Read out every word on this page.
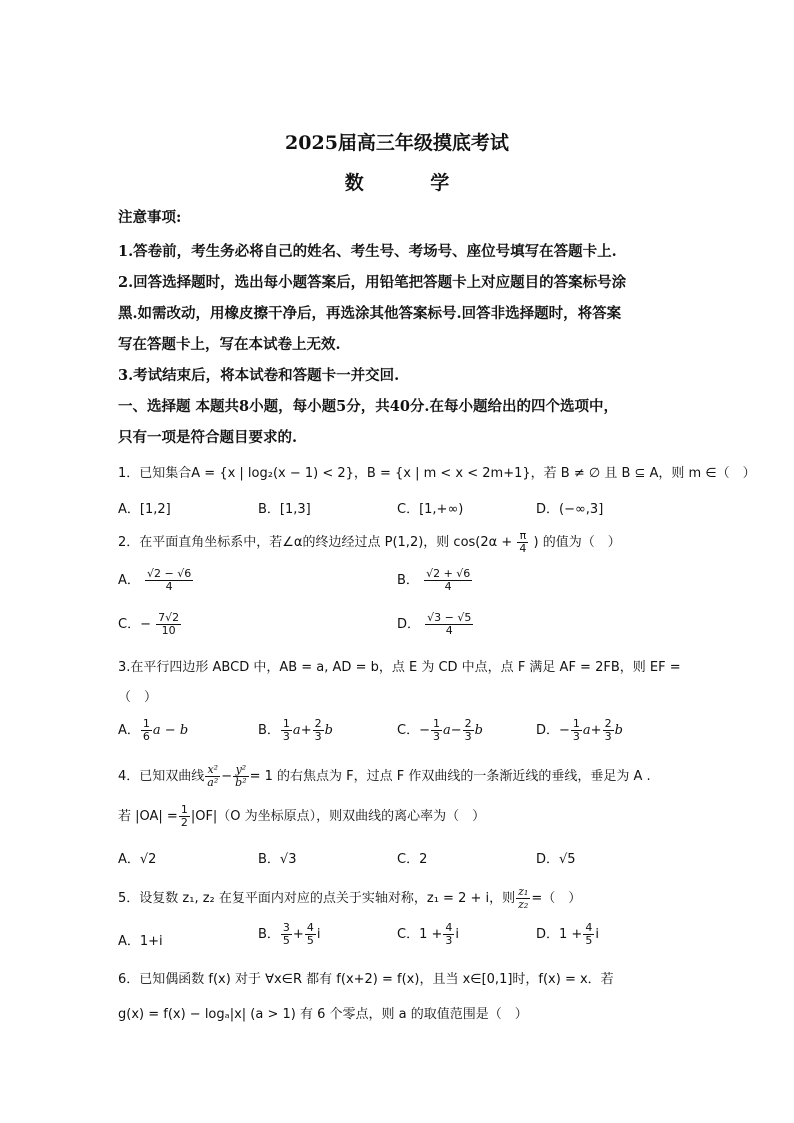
2025届高三年级摸底考试
数 学
注意事项:
1.答卷前，考生务必将自己的姓名、考生号、考场号、座位号填写在答题卡上.
2.回答选择题时，选出每小题答案后，用铅笔把答题卡上对应题目的答案标号涂
黑.如需改动，用橡皮擦干净后，再选涂其他答案标号.回答非选择题时，将答案
写在答题卡上，写在本试卷上无效.
3.考试结束后，将本试卷和答题卡一并交回.
一、选择题 本题共8小题，每小题5分，共40分.在每小题给出的四个选项中，
只有一项是符合题目要求的.
1．已知集合A = {x | log₂(x − 1) < 2}，B = {x | m < x < 2m+1}，若 B ≠ ∅ 且 B ⊆ A，则 m ∈（　）
A．[1,2]	B．[1,3]	C．[1,+∞)	D．(−∞,3]
2．在平面直角坐标系中，若∠α的终边经过点 P(1,2)，则 $\cos(2\alpha + \frac{\pi}{4}$ ) 的值为（　）
A． $\frac{√2 - √6}{4}$	B． $\frac{√2 + √6}{4}$
C．− $\frac{7√2}{10}$	D． $\frac{√3 - √5}{4}$
3.在平行四边形 ABCD 中，AB = a, AD = b，点 E 为 CD 中点，点 F 满足 AF = 2FB，则 EF =
（　）
A． $\frac{1}{6}$ a − b	B． $\frac{1}{3} a+ \frac{2}{3}$ b	C．− $\frac{1}{3} a- \frac{2}{3}$ b	D．− $\frac{1}{3} a+ \frac{2}{3}$ b
4．已知双曲线 $\frac{\text{x²}}{\text{a²}} - \frac{\text{y²}}{\text{b²}} = 1$ 的右焦点为 F，过点 F 作双曲线的一条渐近线的垂线，垂足为 A .
若 $|OA| = \frac{1}{2} |OF|(O$ 为坐标原点），则双曲线的离心率为（　）
A．√2	B．√3	C．2	D．√5
5．设复数 z₁, z₂ 在复平面内对应的点关于实轴对称，z₁ = 2 + i，则 $\frac{\text{z₁}}{\text{z₂}}$ =（　）
A．1+i	B． $\frac{3}{5} + \frac{4}{5}$ i	C．$1 + \frac{4}{3}$ i	D．$1 + \frac{4}{5}$ i
6．已知偶函数 f(x) 对于 ∀x∈R 都有 f(x+2) = f(x)，且当 x∈[0,1]时，f(x) = x．若
g(x) = f(x) − logₐ|x| (a > 1) 有 6 个零点，则 a 的取值范围是（　）
